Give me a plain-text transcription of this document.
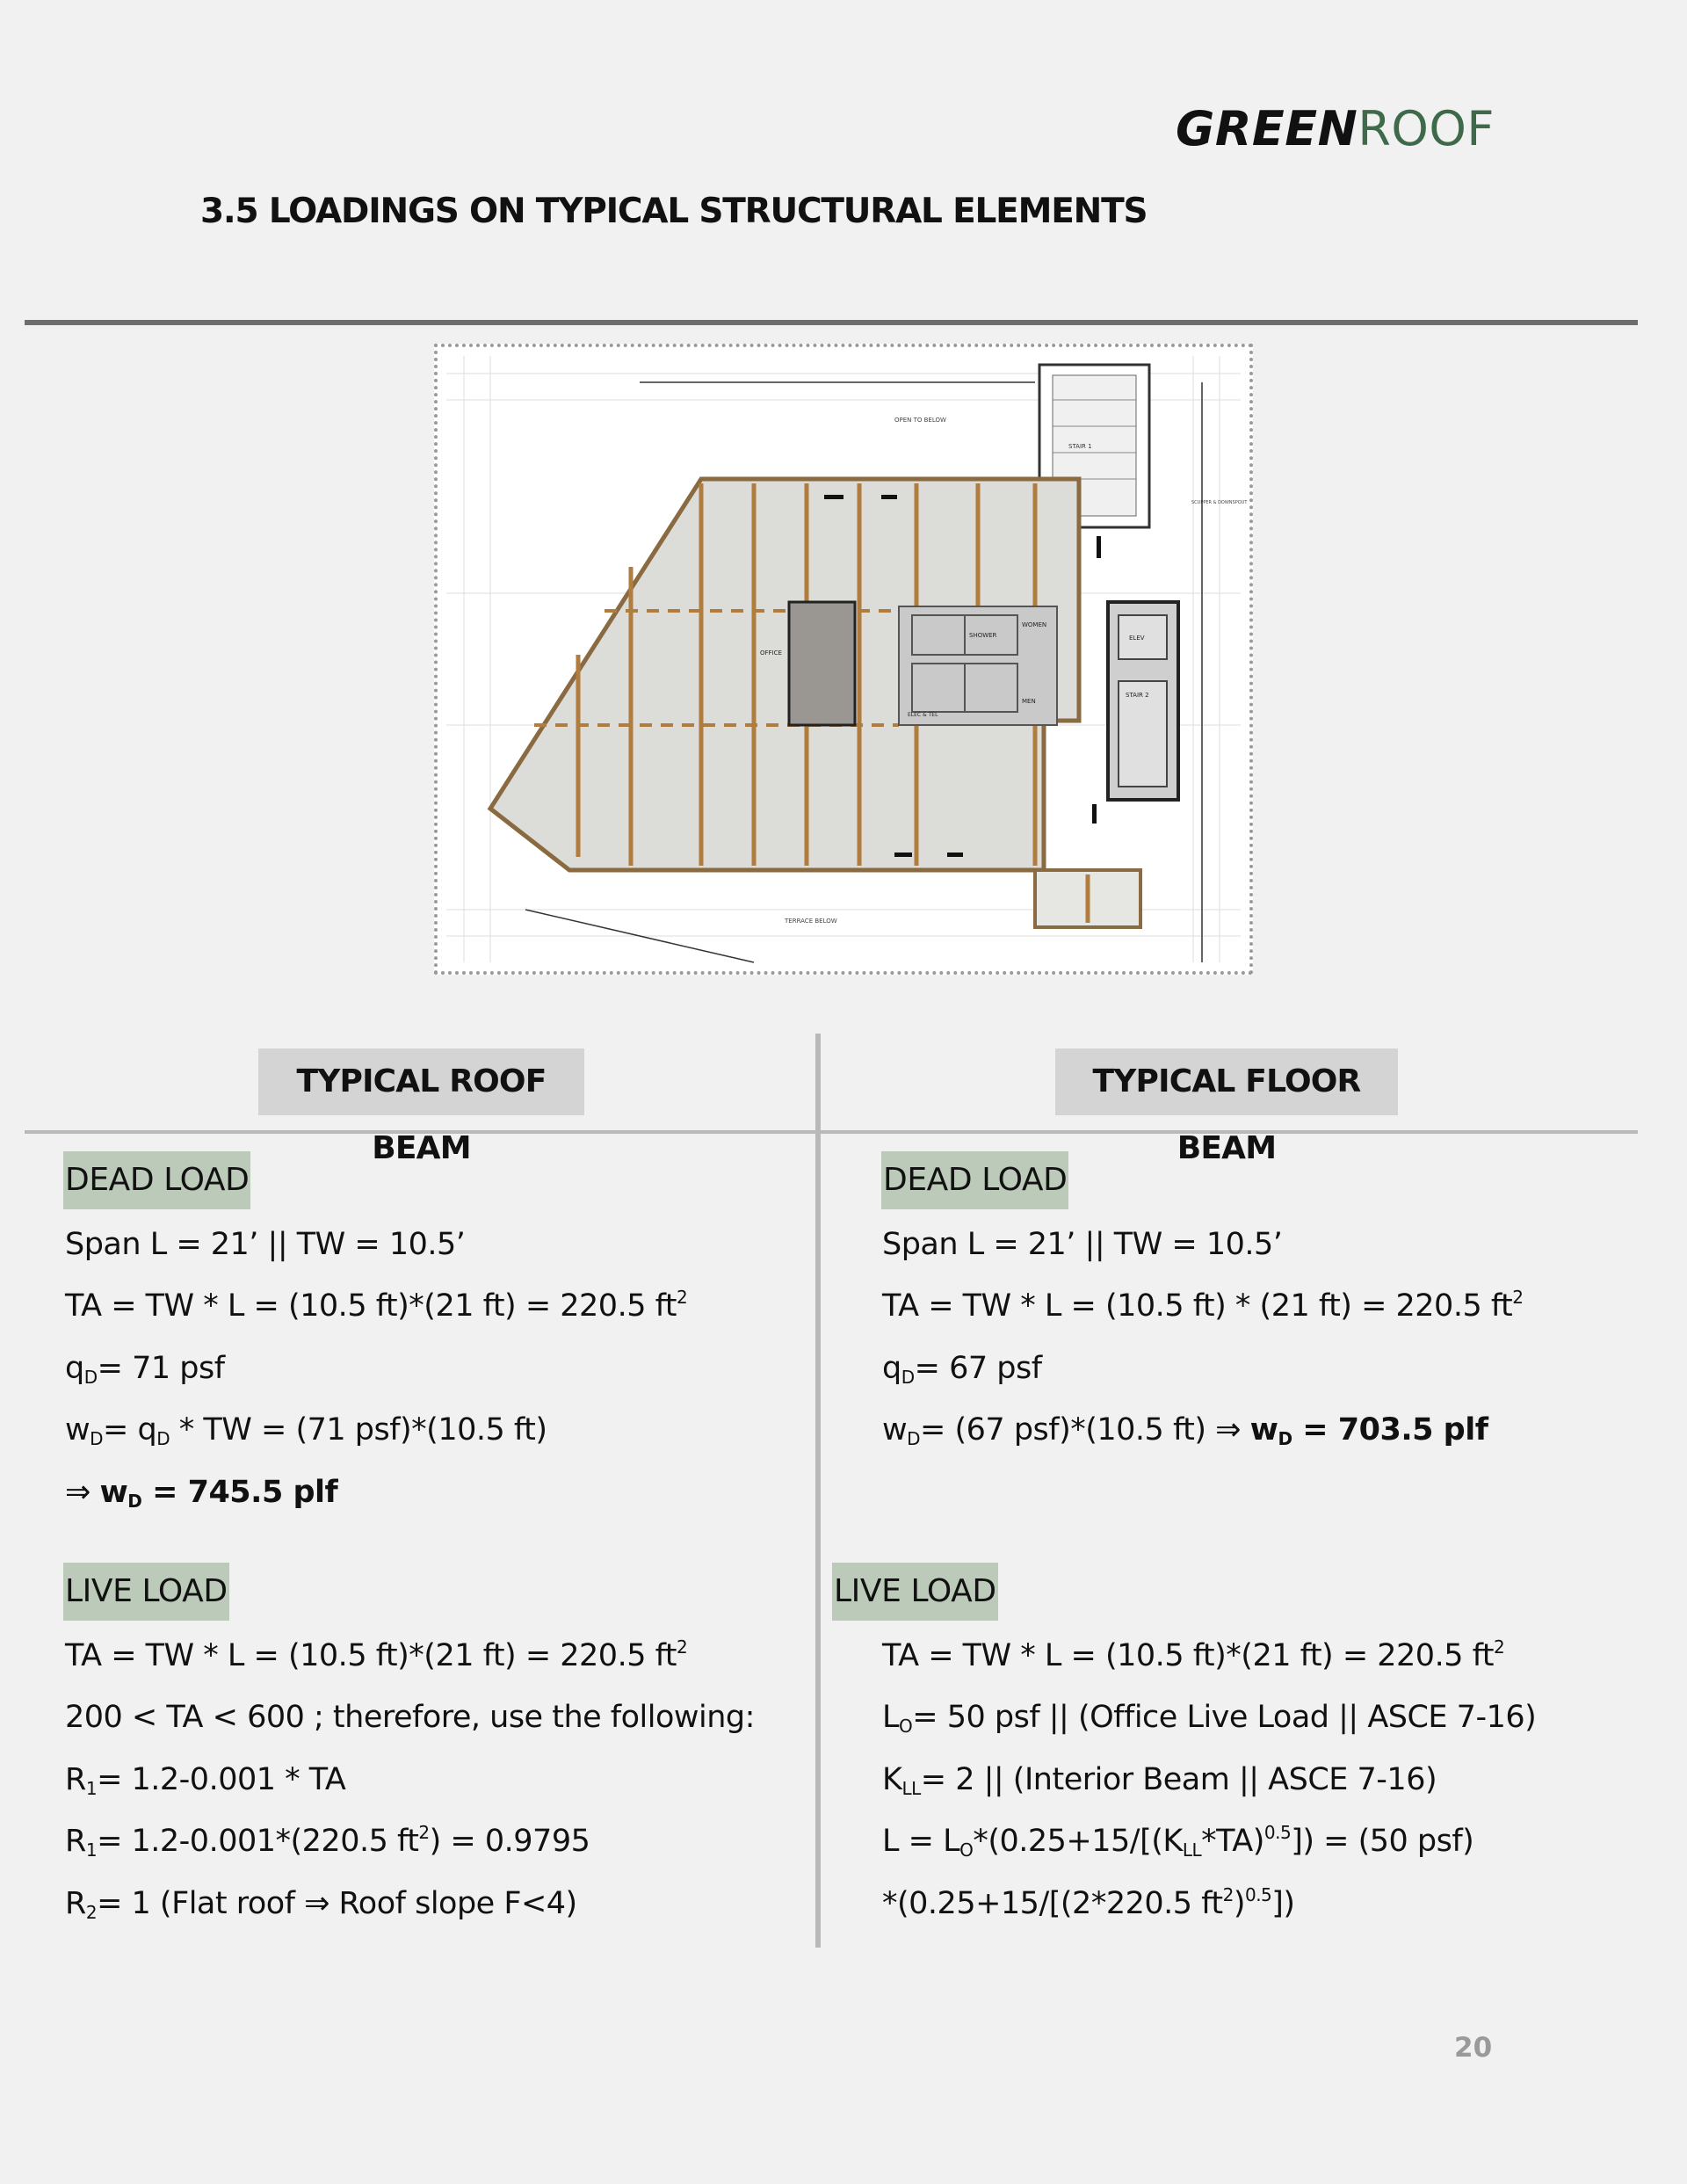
GREENROOF
3.5 LOADINGS ON TYPICAL STRUCTURAL ELEMENTS
STAIR 1
SHOWER
WOMEN
MEN
ELEC & TEL
ELEV
STAIR 2
OFFICE
OPEN TO BELOW
TERRACE BELOW
SCUPPER & DOWNSPOUT
TYPICAL ROOF BEAM
TYPICAL FLOOR BEAM
DEAD LOAD
Span L = 21’ || TW = 10.5’
TA = TW * L = (10.5 ft)*(21 ft) = 220.5 $ft^2$
$q_D= 71$ psf
$w_D= q_D$ * TW = (71 psf)*(10.5 ft)
⇒ $w_D = 745.5$ plf
LIVE LOAD
TA = TW * L = (10.5 ft)*(21 ft) = 220.5 $ft^2$
200 < TA < 600 ; therefore, use the following:
$R_1= 1.2-0.001$ * TA
$R_1= 1.2-0.001*(220.5$ $ft^2) = 0.9795$
$R_2= 1$ (Flat roof ⇒ Roof slope F<4)
DEAD LOAD
Span L = 21’ || TW = 10.5’
TA = TW * L = (10.5 ft) * (21 ft) = 220.5 $ft^2$
$q_D= 67$ psf
$w_D= (67$ psf)*(10.5 ft) ⇒ $w_D = 703.5$ plf
LIVE LOAD
TA = TW * L = (10.5 ft)*(21 ft) = 220.5 $ft^2$
$L_O= 50$ psf || (Office Live Load || ASCE 7-16)
$K_{LL}= 2$ || (Interior Beam || ASCE 7-16)
$L = L_O*(0.25+15/[(K_{LL}*TA)^{0.5}]) = (50$ psf)
*(0.25+15/[(2*220.5 $ft^2)^{0.5}$])
20
